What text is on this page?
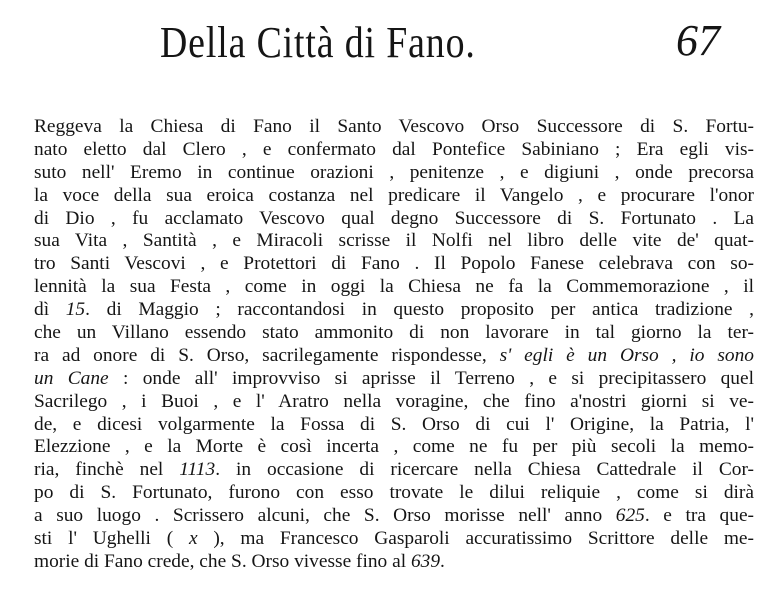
Della Città di Fano.	67
Reggeva la Chiesa di Fano il Santo Vescovo Orso Successore di S. Fortu-
nato eletto dal Clero , e confermato dal Pontefice Sabiniano ; Era egli vis-
suto nell' Eremo in continue orazioni , penitenze , e digiuni , onde precorsa
la voce della sua eroica costanza nel predicare il Vangelo , e procurare l'onor
di Dio , fu acclamato Vescovo qual degno Successore di S. Fortunato . La
sua Vita , Santità , e Miracoli scrisse il Nolfi nel libro delle vite de' quat-
tro Santi Vescovi , e Protettori di Fano . Il Popolo Fanese celebrava con so-
lennità la sua Festa , come in oggi la Chiesa ne fa la Commemorazione , il
dì 15. di Maggio ; raccontandosi in questo proposito per antica tradizione ,
che un Villano essendo stato ammonito di non lavorare in tal giorno la ter-
ra ad onore di S. Orso, sacrilegamente rispondesse, s' egli è un Orso , io sono
un Cane : onde all' improvviso si aprisse il Terreno , e si precipitassero quel
Sacrilego , i Buoi , e l' Aratro nella voragine, che fino a'nostri giorni si ve-
de, e dicesi volgarmente la Fossa di S. Orso di cui l' Origine, la Patria, l'
Elezzione , e la Morte è così incerta , come ne fu per più secoli la memo-
ria, finchè nel 1113. in occasione di ricercare nella Chiesa Cattedrale il Cor-
po di S. Fortunato, furono con esso trovate le dilui reliquie , come si dirà
a suo luogo . Scrissero alcuni, che S. Orso morisse nell' anno 625. e tra que-
sti l' Ughelli ( x ), ma Francesco Gasparoli accuratissimo Scrittore delle me-
morie di Fano crede, che S. Orso vivesse fino al 639.
